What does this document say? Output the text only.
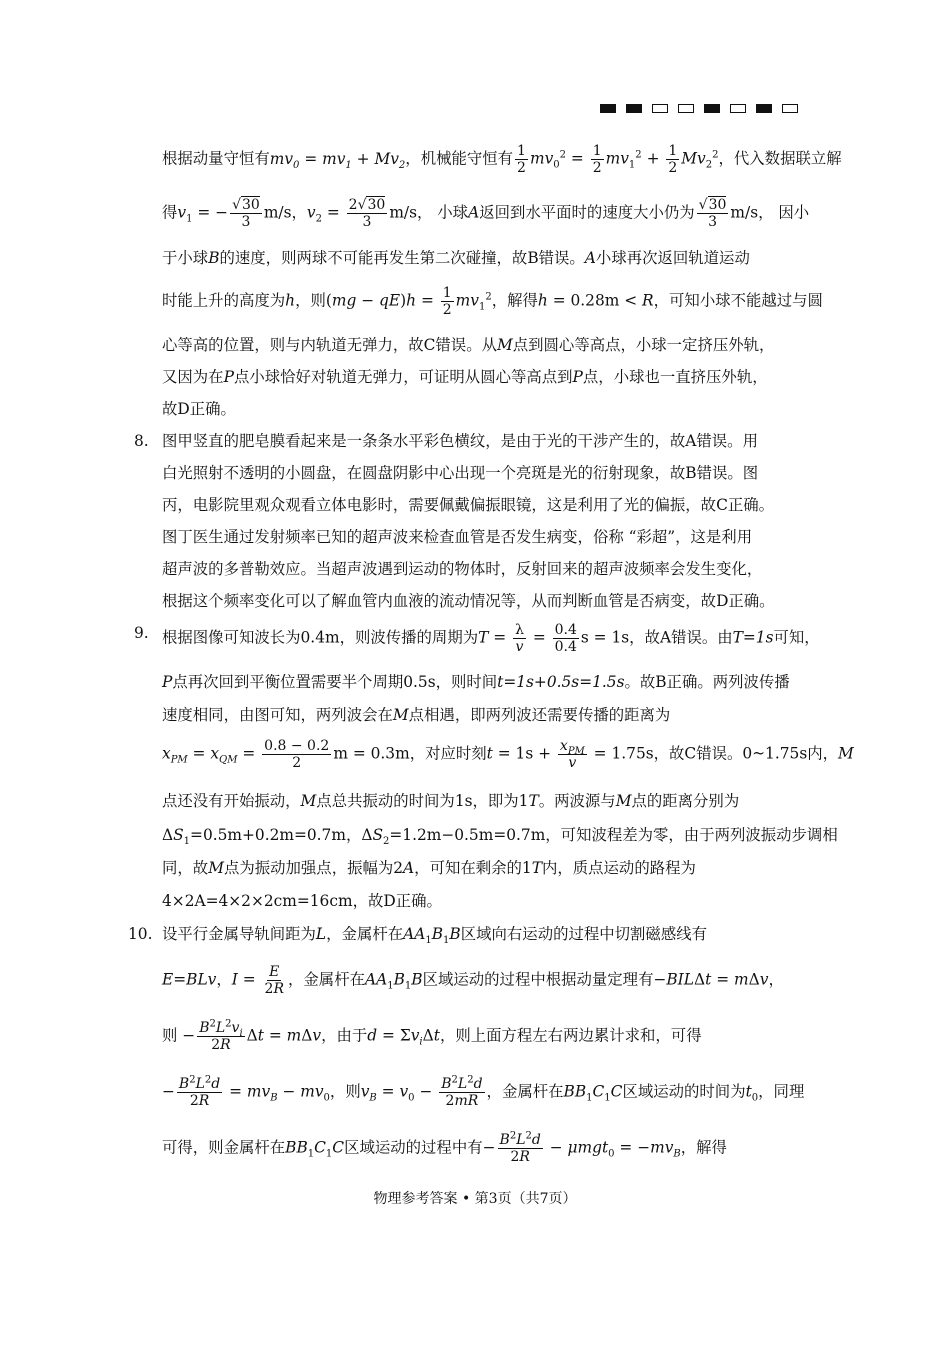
根据动量守恒有$mv_0 = mv_1 + Mv_2$，机械能守恒有 $\frac{1}{2} mv_0^2 = \frac{1}{2} mv_1^2 + \frac{1}{2} Mv_2^2$，代入数据联立解
得$v_1$ = − $\frac{√30}{3} m/s$，$v_2 = \frac{2√30}{3} m/s$， 小球A返回到水平面时的速度大小仍为 $\frac{√30}{3} m/s$， 因小
于小球B的速度，则两球不可能再发生第二次碰撞，故B错误。A小球再次返回轨道运动
时能上升的高度为h，则$(mg - qE)h = \frac{1}{2} mv_1^2$，解得h = 0.28m < R，可知小球不能越过与圆
心等高的位置，则与内轨道无弹力，故C错误。从M点到圆心等高点，小球一定挤压外轨，
又因为在P点小球恰好对轨道无弹力，可证明从圆心等高点到P点，小球也一直挤压外轨，
故D正确。
8. 图甲竖直的肥皂膜看起来是一条条水平彩色横纹，是由于光的干涉产生的，故A错误。用
白光照射不透明的小圆盘，在圆盘阴影中心出现一个亮斑是光的衍射现象，故B错误。图
丙，电影院里观众观看立体电影时，需要佩戴偏振眼镜，这是利用了光的偏振，故C正确。
图丁医生通过发射频率已知的超声波来检查血管是否发生病变，俗称 “彩超”，这是利用
超声波的多普勒效应。当超声波遇到运动的物体时，反射回来的超声波频率会发生变化，
根据这个频率变化可以了解血管内血液的流动情况等，从而判断血管是否病变，故D正确。
9. 根据图像可知波长为0.4m，则波传播的周期为$T = \frac{\lambda}{v} = \frac{0.4}{0.4}$ s = 1s，故A错误。由T=1s可知，
P点再次回到平衡位置需要半个周期0.5s，则时间t=1s+0.5s=1.5s。故B正确。两列波传播
速度相同，由图可知，两列波会在M点相遇，即两列波还需要传播的距离为
$x_{PM} = x_{QM} = \frac{0.8 - 0.2}{2}$ m = 0.3m，对应时刻$t = 1s + \frac{x_{PM}}{v} = 1.75s$，故C错误。0~1.75s内，M
点还没有开始振动，M点总共振动的时间为1s，即为1T。两波源与M点的距离分别为
$\Delta S_1=0.5m+0.2m=0.7m$，$\Delta S_2=1.2m-0.5m=0.7m$，可知波程差为零，由于两列波振动步调相
同，故M点为振动加强点，振幅为2A，可知在剩余的1T内，质点运动的路程为
4×2A=4×2×2cm=16cm，故D正确。
10. 设平行金属导轨间距为L，金属杆在$AA_1B_1B$区域向右运动的过程中切割磁感线有
E=BLv，$I = \frac{E}{2R}$ ，金属杆在$AA_1B_1B$区域运动的过程中根据动量定理有−BILΔt = mΔv，
则 − $\frac{B^2L^2v_i}{2R}$ Δt = mΔv，由于$d = \Sigma v_i\Delta t$，则上面方程左右两边累计求和，可得
− $\frac{B^2L^2d}{2R} = mv_B - mv_0$，则$v_B = v_0 - \frac{B^2L^2d}{2mR}$ ，金属杆在$BB_1C_1C$区域运动的时间为$t_0$，同理
可得，则金属杆在$BB_1C_1C$区域运动的过程中有− $\frac{B^2L^2d}{2R} - \mu mgt_0 = -mv_B$，解得
物理参考答案 • 第3页（共7页）
